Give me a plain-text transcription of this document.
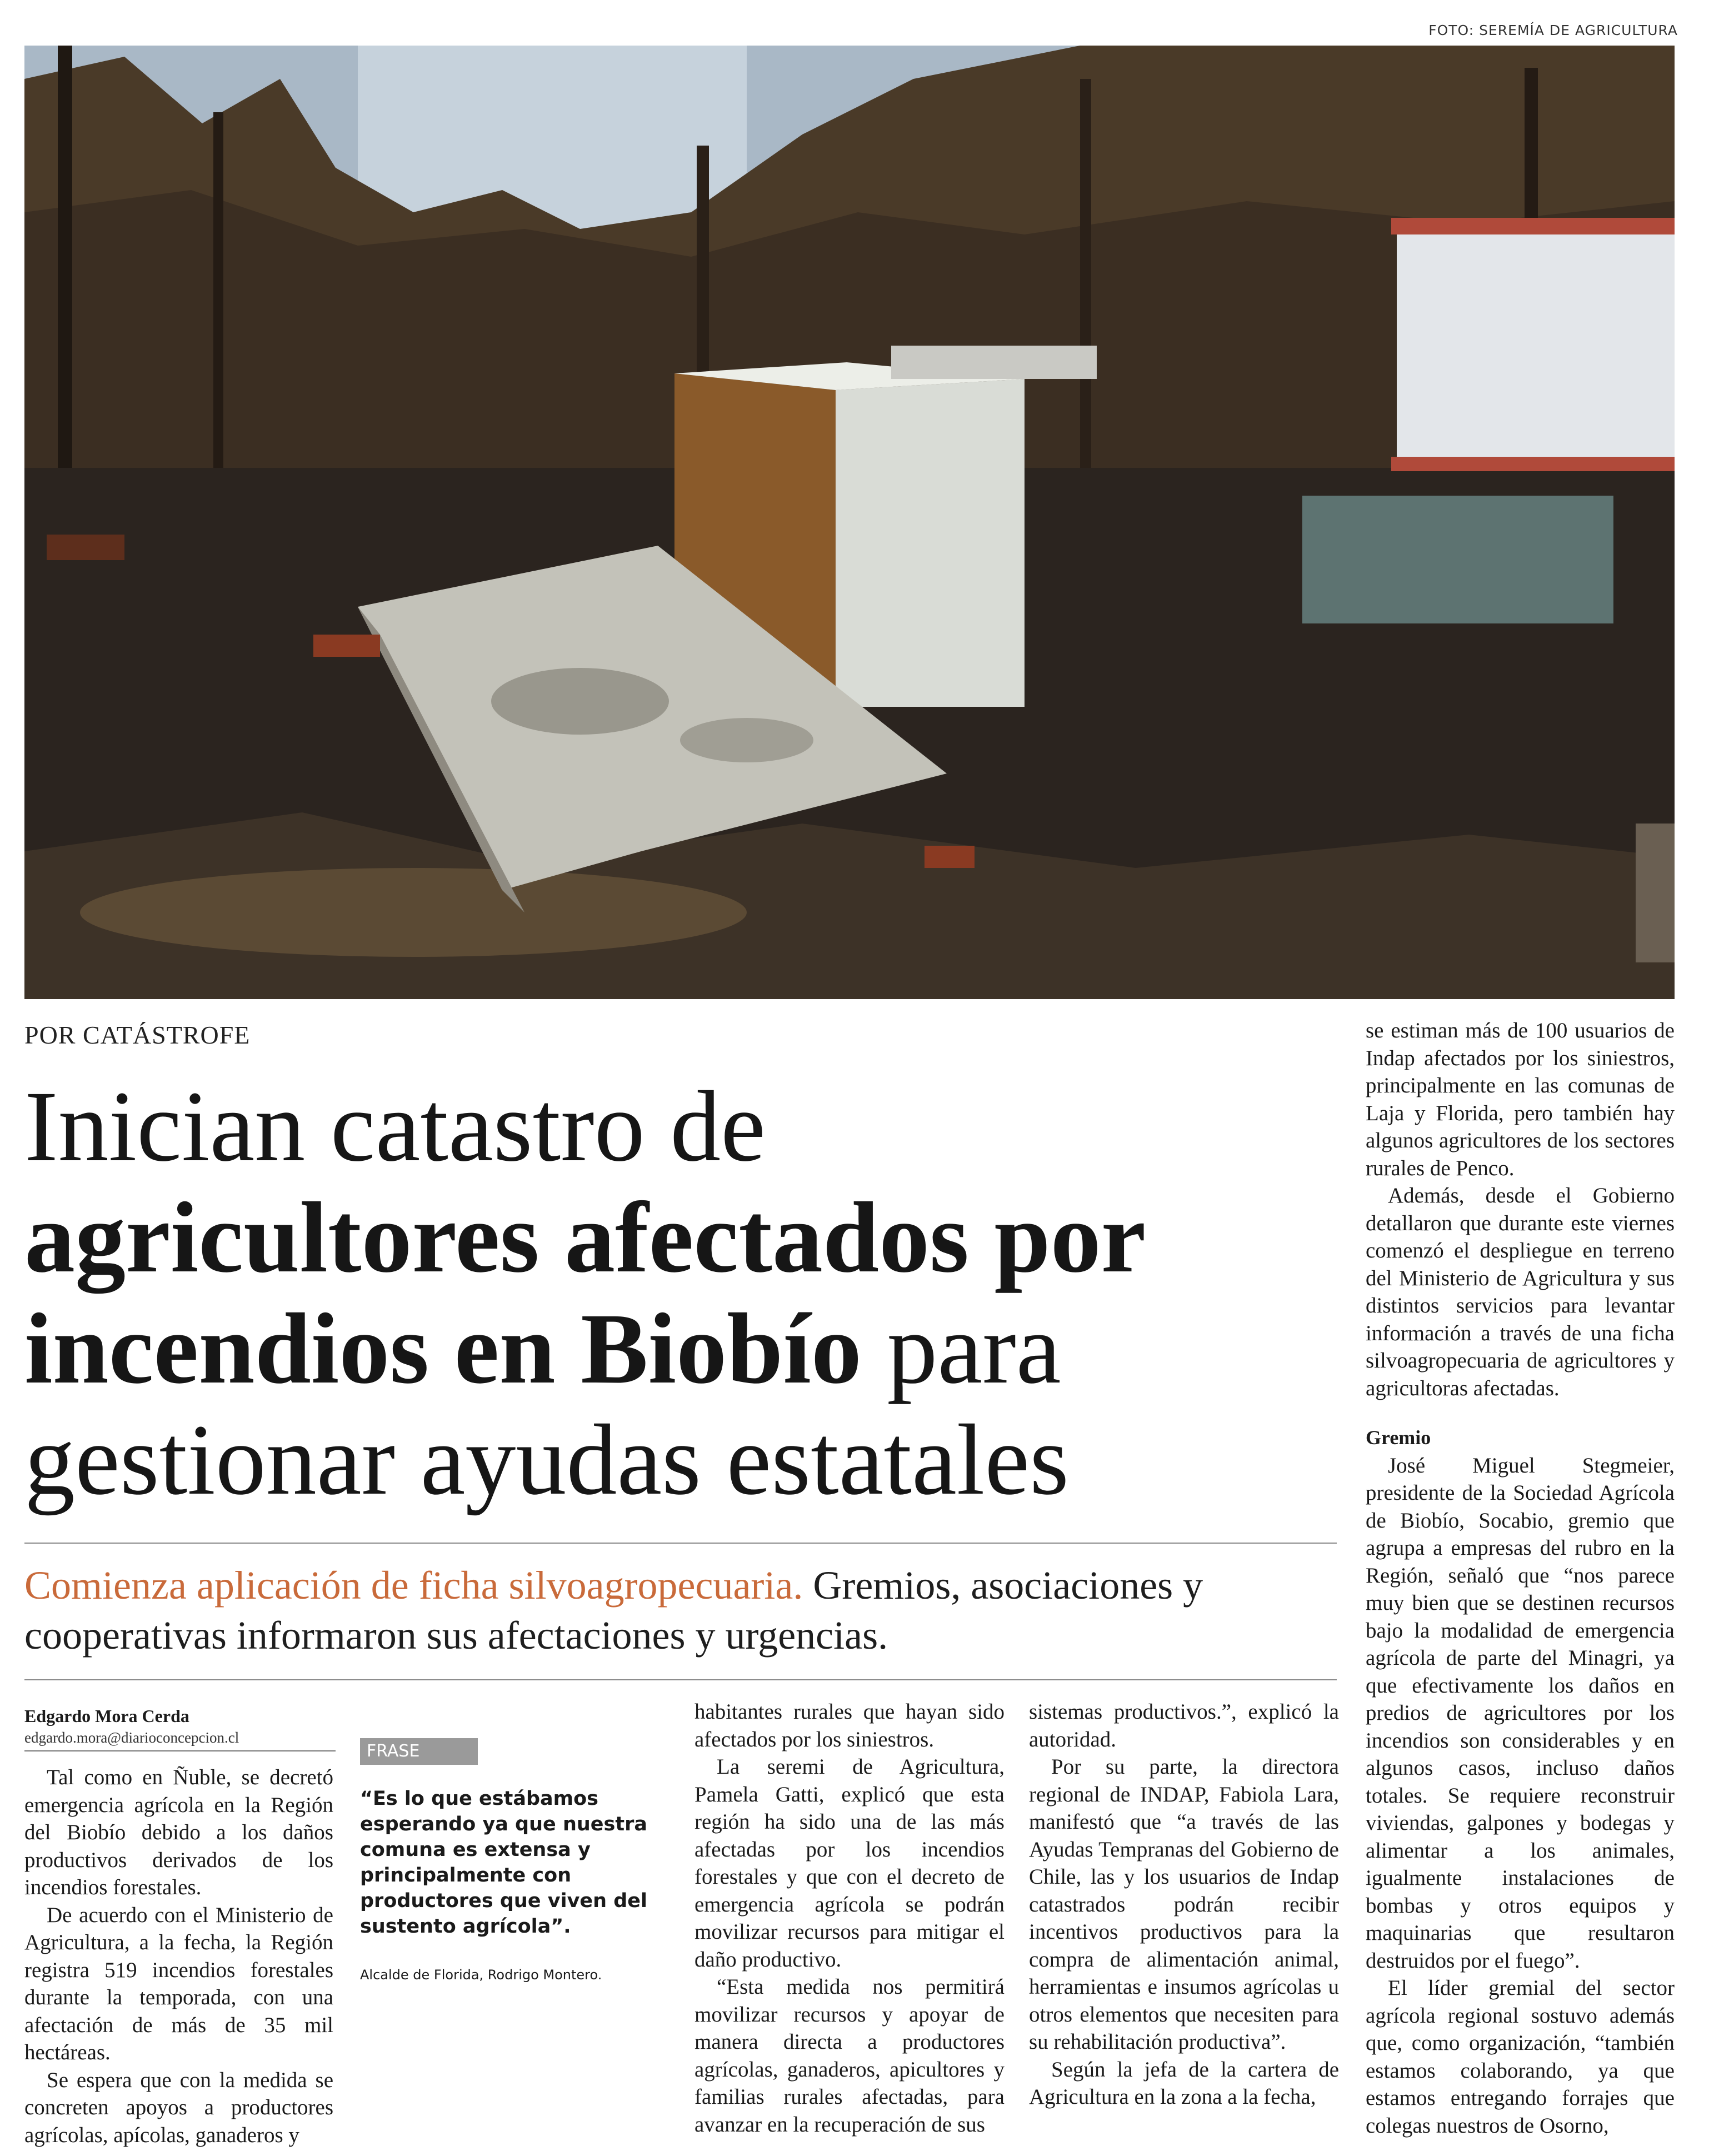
FOTO: SEREMÍA DE AGRICULTURA
POR CATÁSTROFE
Inician catastro de
agricultores afectados por
incendios en Biobío para
gestionar ayudas estatales
Comienza aplicación de ficha silvoagropecuaria. Gremios, asociaciones y cooperativas informaron sus afectaciones y urgencias.
Edgardo Mora Cerda
edgardo.mora@diarioconcepcion.cl

Tal como en Ñuble, se decretó emergencia agrícola en la Región del Biobío debido a los daños productivos derivados de los incendios forestales.

De acuerdo con el Ministerio de Agricultura, a la fecha, la Región registra 519 incendios forestales durante la temporada, con una afectación de más de 35 mil hectáreas.

Se espera que con la medida se concreten apoyos a productores agrícolas, apícolas, ganaderos y

FRASE
“Es lo que estábamos esperando ya que nuestra comuna es extensa y principalmente con productores que viven del sustento agrícola”.
Alcalde de Florida, Rodrigo Montero.

habitantes rurales que hayan sido afectados por los siniestros.

La seremi de Agricultura, Pamela Gatti, explicó que esta región ha sido una de las más afectadas por los incendios forestales y que con el decreto de emergencia agrícola se podrán movilizar recursos para mitigar el daño productivo.

“Esta medida nos permitirá movilizar recursos y apoyar de manera directa a productores agrícolas, ganaderos, apicultores y familias rurales afectadas, para avanzar en la recuperación de sus

sistemas productivos.”, explicó la autoridad.

Por su parte, la directora regional de INDAP, Fabiola Lara, manifestó que “a través de las Ayudas Tempranas del Gobierno de Chile, las y los usuarios de Indap catastrados podrán recibir incentivos productivos para la compra de alimentación animal, herramientas e insumos agrícolas u otros elementos que necesiten para su rehabilitación productiva”.

Según la jefa de la cartera de Agricultura en la zona a la fecha,

se estiman más de 100 usuarios de Indap afectados por los siniestros, principalmente en las comunas de Laja y Florida, pero también hay algunos agricultores de los sectores rurales de Penco.

Además, desde el Gobierno detallaron que durante este viernes comenzó el despliegue en terreno del Ministerio de Agricultura y sus distintos servicios para levantar información a través de una ficha silvoagropecuaria de agricultores y agricultoras afectadas.

Gremio

José Miguel Stegmeier, presidente de la Sociedad Agrícola de Biobío, Socabio, gremio que agrupa a empresas del rubro en la Región, señaló que “nos parece muy bien que se destinen recursos bajo la modalidad de emergencia agrícola de parte del Minagri, ya que efectivamente los daños en predios de agricultores por los incendios son considerables y en algunos casos, incluso daños totales. Se requiere reconstruir viviendas, galpones y bodegas y alimentar a los animales, igualmente instalaciones de bombas y otros equipos y maquinarias que resultaron destruidos por el fuego”.

El líder gremial del sector agrícola regional sostuvo además que, como organización, “también estamos colaborando, ya que estamos entregando forrajes que colegas nuestros de Osorno,
